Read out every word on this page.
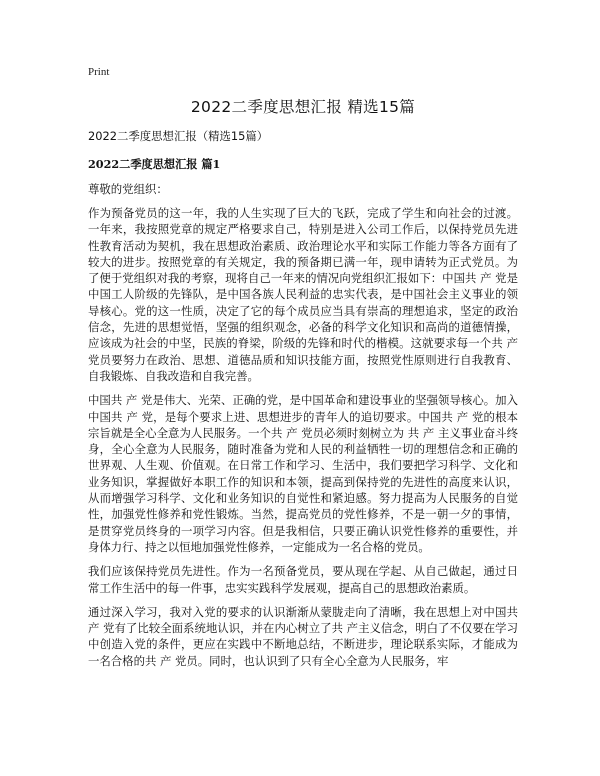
Print
2022二季度思想汇报 精选15篇
2022二季度思想汇报（精选15篇）
2022二季度思想汇报 篇1
尊敬的党组织：

作为预备党员的这一年，我的人生实现了巨大的飞跃，完成了学生和向社会的过渡。一年来，我按照党章的规定严格要求自己，特别是进入公司工作后，以保持党员先进性教育活动为契机，我在思想政治素质、政治理论水平和实际工作能力等各方面有了较大的进步。按照党章的有关规定，我的预备期已满一年，现申请转为正式党员。为了便于党组织对我的考察，现将自己一年来的情况向党组织汇报如下：中国共 产 党是中国工人阶级的先锋队，是中国各族人民利益的忠实代表，是中国社会主义事业的领导核心。党的这一性质，决定了它的每个成员应当具有崇高的理想追求，坚定的政治信念，先进的思想觉悟，坚强的组织观念，必备的科学文化知识和高尚的道德情操，应该成为社会的中坚，民族的脊梁，阶级的先锋和时代的楷模。这就要求每一个共 产 党员要努力在政治、思想、道德品质和知识技能方面，按照党性原则进行自我教育、自我锻炼、自我改造和自我完善。

中国共 产 党是伟大、光荣、正确的党，是中国革命和建设事业的坚强领导核心。加入中国共 产 党，是每个要求上进、思想进步的青年人的追切要求。中国共 产 党的根本宗旨就是全心全意为人民服务。一个共 产 党员必须时刻树立为 共 产 主义事业奋斗终身，全心全意为人民服务，随时准备为党和人民的利益牺牲一切的理想信念和正确的世界观、人生观、价值观。在日常工作和学习、生活中，我们要把学习科学、文化和业务知识，掌握做好本职工作的知识和本领，提高到保持党的先进性的高度来认识，从而增强学习科学、文化和业务知识的自觉性和紧迫感。努力提高为人民服务的自觉性，加强党性修养和党性锻炼。当然，提高党员的党性修养，不是一朝一夕的事情，是贯穿党员终身的一项学习内容。但是我相信，只要正确认识党性修养的重要性，并身体力行、持之以恒地加强党性修养，一定能成为一名合格的党员。

我们应该保持党员先进性。作为一名预备党员，要从现在学起、从自己做起，通过日常工作生活中的每一件事，忠实实践科学发展观，提高自己的思想政治素质。

通过深入学习，我对入党的要求的认识渐渐从蒙胧走向了清晰，我在思想上对中国共 产 党有了比较全面系统地认识，并在内心树立了共 产主义信念，明白了不仅要在学习中创造入党的条件，更应在实践中不断地总结，不断进步，理论联系实际，才能成为一名合格的共 产 党员。同时，也认识到了只有全心全意为人民服务，牢
